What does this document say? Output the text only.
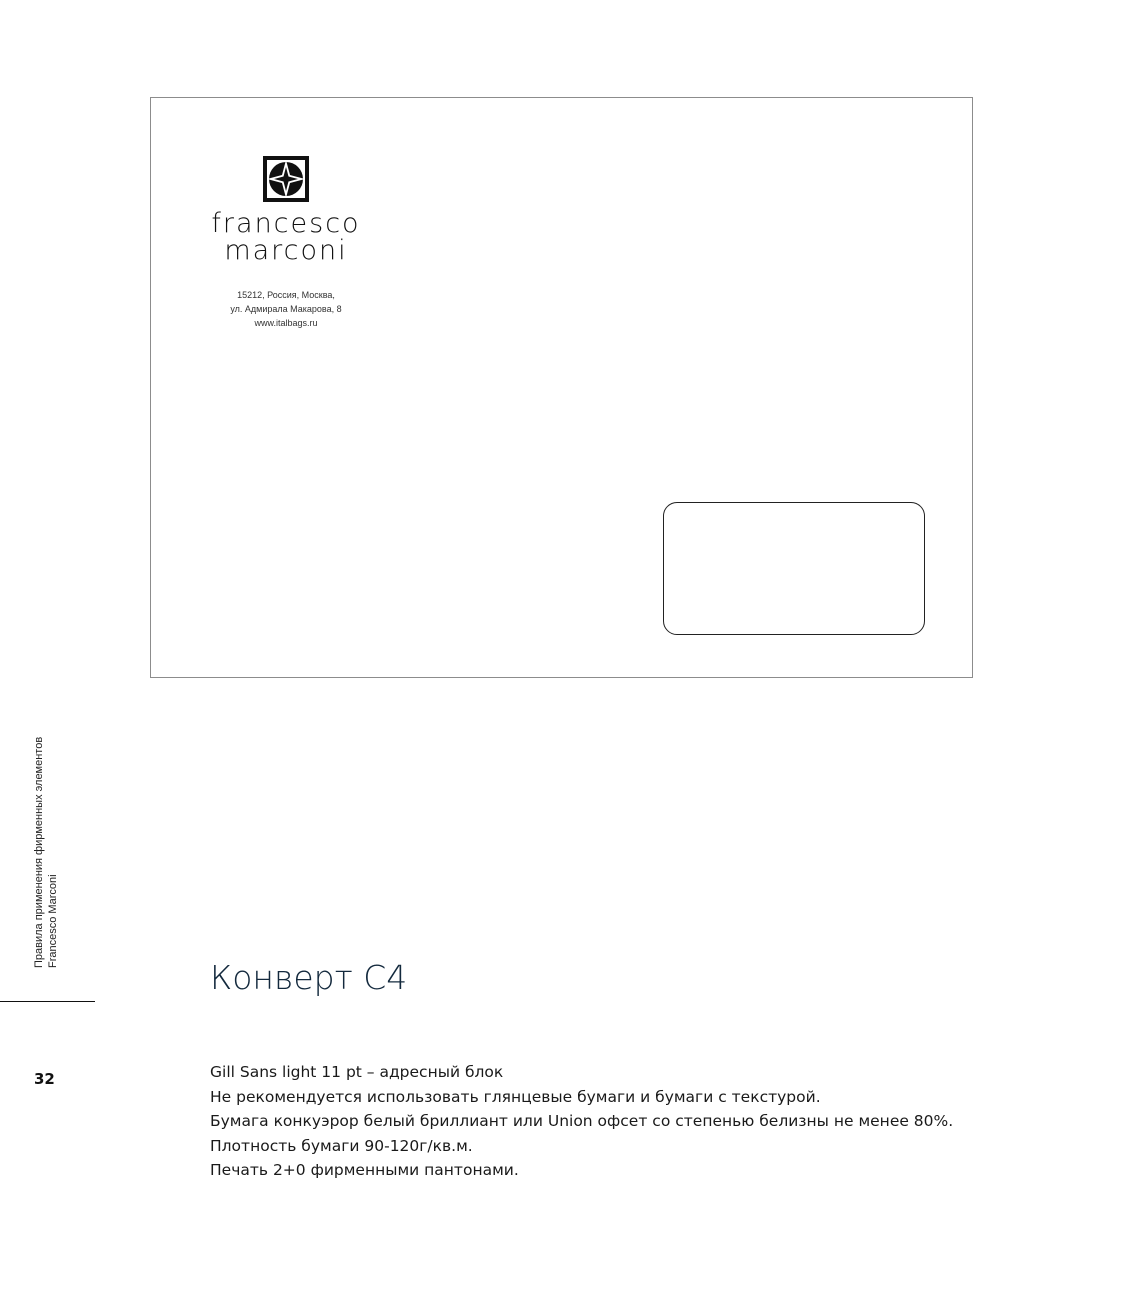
francesco
marconi
15212, Россия, Москва,
ул. Адмирала Макарова, 8
www.italbags.ru
Правила применения фирменных элементов Francesco Marconi
32
Конверт С4
Gill Sans light 11 pt – адресный блок
Не рекомендуется использовать глянцевые бумаги и бумаги с текстурой.
Бумага конкуэрор белый бриллиант или Union офсет со степенью белизны не менее 80%.
Плотность бумаги 90-120г/кв.м.
Печать 2+0 фирменными пантонами.
